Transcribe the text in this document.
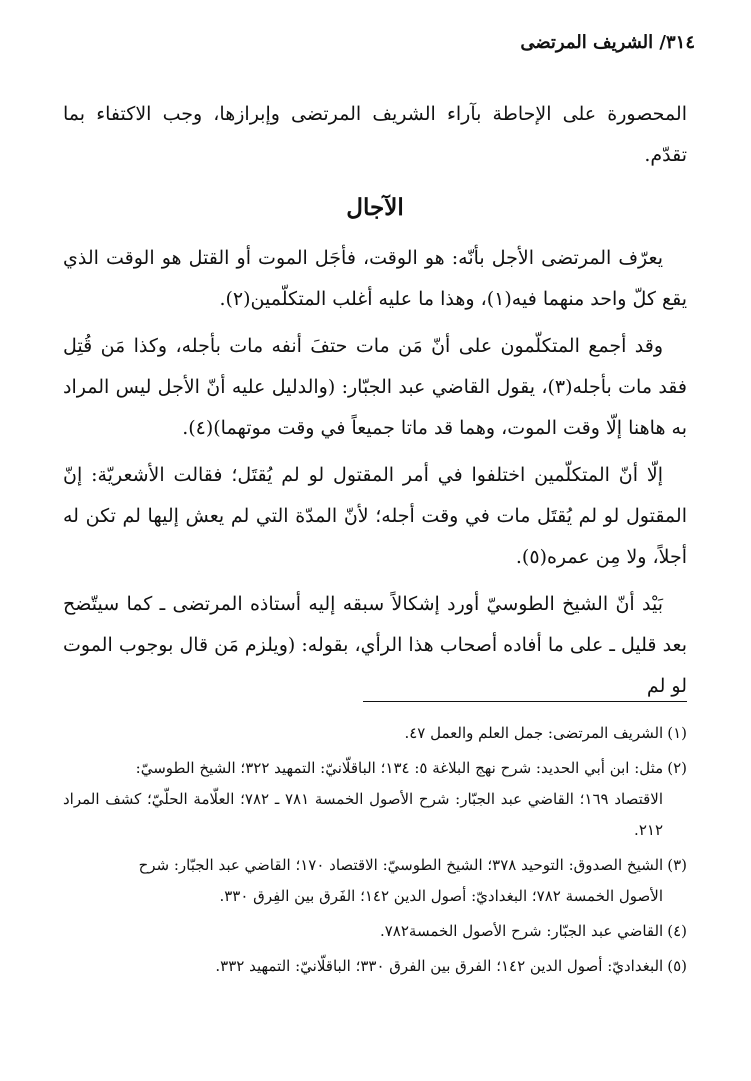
٣١٤/ الشريف المرتضى

المحصورة على الإحاطة بآراء الشريف المرتضى وإبرازها، وجب الاكتفاء بما تقدّم.

الآجال

يعرّف المرتضى الأجل بأنّه: هو الوقت، فأجَل الموت أو القتل هو الوقت الذي يقع كلّ واحد منهما فيه(١)، وهذا ما عليه أغلب المتكلّمين(٢).

وقد أجمع المتكلّمون على أنّ مَن مات حتفَ أنفه مات بأجله، وكذا مَن قُتِل فقد مات بأجله(٣)، يقول القاضي عبد الجبّار: (والدليل عليه أنّ الأجل ليس المراد به هاهنا إلّا وقت الموت، وهما قد ماتا جميعاً في وقت موتهما)(٤).

إلّا أنّ المتكلّمين اختلفوا في أمر المقتول لو لم يُقتَل؛ فقالت الأشعريّة: إنّ المقتول لو لم يُقتَل مات في وقت أجله؛ لأنّ المدّة التي لم يعش إليها لم تكن له أجلاً، ولا مِن عمره(٥).

بَيْد أنّ الشيخ الطوسيّ أورد إشكالاً سبقه إليه أستاذه المرتضى ـ كما سيتّضح بعد قليل ـ على ما أفاده أصحاب هذا الرأي، بقوله: (ويلزم مَن قال بوجوب الموت لو لم

(١)الشريف المرتضى: جمل العلم والعمل ٤٧.
(٢)مثل: ابن أبي الحديد: شرح نهج البلاغة ٥: ١٣٤؛ الباقلّانيّ: التمهيد ٣٢٢؛ الشيخ الطوسيّ:
الاقتصاد ١٦٩؛ القاضي عبد الجبّار: شرح الأصول الخمسة ٧٨١ ـ ٧٨٢؛ العلّامة الحلّيّ؛ كشف المراد ٢١٢.
(٣)الشيخ الصدوق: التوحيد ٣٧٨؛ الشيخ الطوسيّ: الاقتصاد ١٧٠؛ القاضي عبد الجبّار: شرح
الأصول الخمسة ٧٨٢؛ البغداديّ: أصول الدين ١٤٢؛ الفَرق بين الفِرق ٣٣٠.
(٤)القاضي عبد الجبّار: شرح الأصول الخمسة٧٨٢.
(٥)البغداديّ: أصول الدين ١٤٢؛ الفرق بين الفرق ٣٣٠؛ الباقلّانيّ: التمهيد ٣٣٢.
